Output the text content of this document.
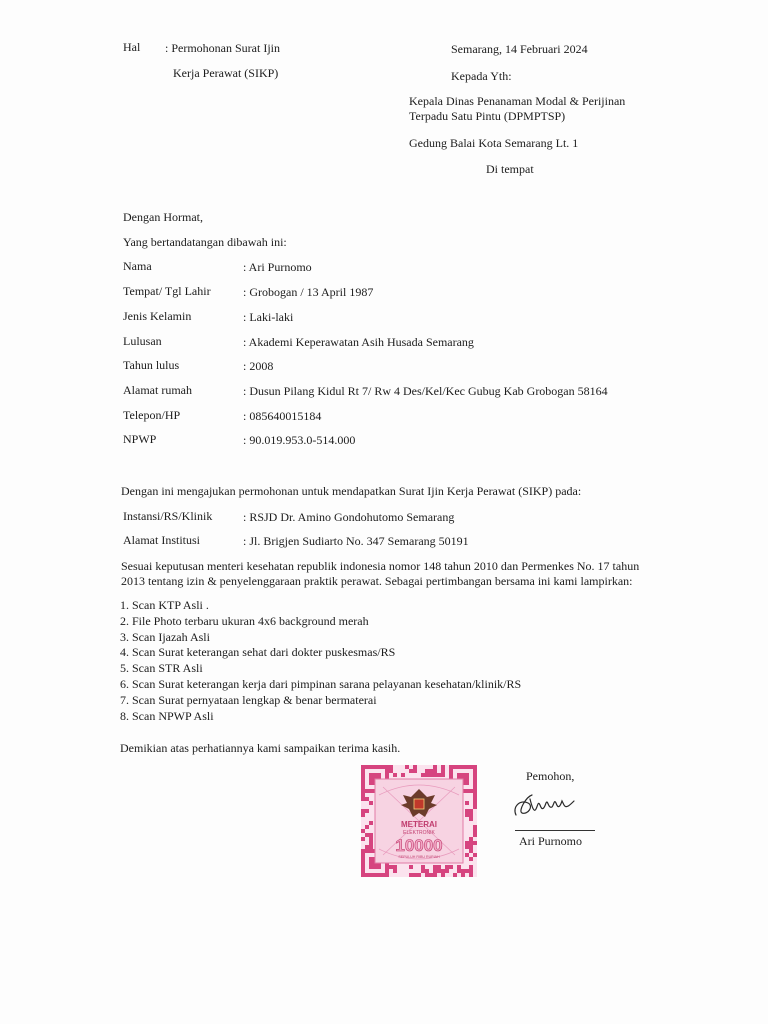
Hal : Permohonan Surat Ijin
Kerja Perawat (SIKP)
Semarang, 14 Februari 2024
Kepada Yth:
Kepala Dinas Penanaman Modal & Perijinan
Terpadu Satu Pintu (DPMPTSP)
Gedung Balai Kota Semarang Lt. 1
Di tempat
Dengan Hormat,
Yang bertandatangan dibawah ini:
Nama	: Ari Purnomo
Tempat/ Tgl Lahir	: Grobogan / 13 April 1987
Jenis Kelamin	: Laki-laki
Lulusan	: Akademi Keperawatan Asih Husada Semarang
Tahun lulus	: 2008
Alamat rumah	: Dusun Pilang Kidul Rt 7/ Rw 4 Des/Kel/Kec Gubug Kab Grobogan 58164
Telepon/HP	: 085640015184
NPWP	: 90.019.953.0-514.000
Dengan ini mengajukan permohonan untuk mendapatkan Surat Ijin Kerja Perawat (SIKP) pada:
Instansi/RS/Klinik	: RSJD Dr. Amino Gondohutomo Semarang
Alamat Institusi	: Jl. Brigjen Sudiarto No. 347 Semarang 50191
Sesuai keputusan menteri kesehatan republik indonesia nomor 148 tahun 2010 dan Permenkes No. 17 tahun
2013 tentang izin & penyelenggaraan praktik perawat. Sebagai pertimbangan bersama ini kami lampirkan:
1. Scan KTP Asli .
2. File Photo terbaru ukuran 4x6 background merah
3. Scan Ijazah Asli
4. Scan Surat keterangan sehat dari dokter puskesmas/RS
5. Scan STR Asli
6. Scan Surat keterangan kerja dari pimpinan sarana pelayanan kesehatan/klinik/RS
7. Scan Surat pernyataan lengkap & benar bermaterai
8. Scan NPWP Asli
Demikian atas perhatiannya kami sampaikan terima kasih.
METERAI
ELEKTRONIK
10000
SEPULUH RIBU RUPIAH
Pemohon,
Ari Purnomo
